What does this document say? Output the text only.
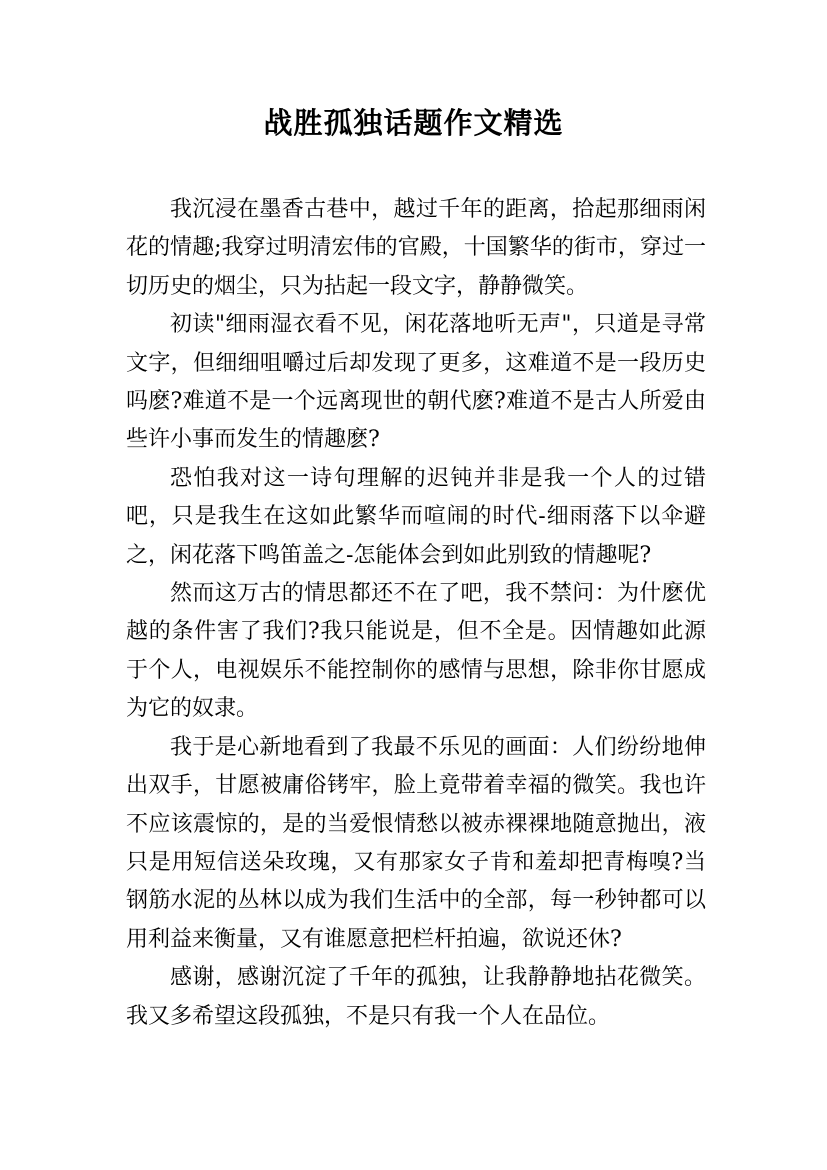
战胜孤独话题作文精选

我沉浸在墨香古巷中，越过千年的距离，拾起那细雨闲花的情趣;我穿过明清宏伟的官殿，十国繁华的街市，穿过一切历史的烟尘，只为拈起一段文字，静静微笑。

初读"细雨湿衣看不见，闲花落地听无声"，只道是寻常文字，但细细咀嚼过后却发现了更多，这难道不是一段历史吗麽?难道不是一个远离现世的朝代麽?难道不是古人所爱由些许小事而发生的情趣麽?

恐怕我对这一诗句理解的迟钝并非是我一个人的过错吧，只是我生在这如此繁华而喧闹的时代-细雨落下以伞避之，闲花落下鸣笛盖之-怎能体会到如此别致的情趣呢?

然而这万古的情思都还不在了吧，我不禁问：为什麽优越的条件害了我们?我只能说是，但不全是。因情趣如此源于个人，电视娱乐不能控制你的感情与思想，除非你甘愿成为它的奴隶。

我于是心新地看到了我最不乐见的画面：人们纷纷地伸出双手，甘愿被庸俗铐牢，脸上竟带着幸福的微笑。我也许不应该震惊的，是的当爱恨情愁以被赤裸裸地随意抛出，液只是用短信送朵玫瑰，又有那家女子肯和羞却把青梅嗅?当钢筋水泥的丛林以成为我们生活中的全部，每一秒钟都可以用利益来衡量，又有谁愿意把栏杆拍遍，欲说还休?

感谢，感谢沉淀了千年的孤独，让我静静地拈花微笑。我又多希望这段孤独，不是只有我一个人在品位。
